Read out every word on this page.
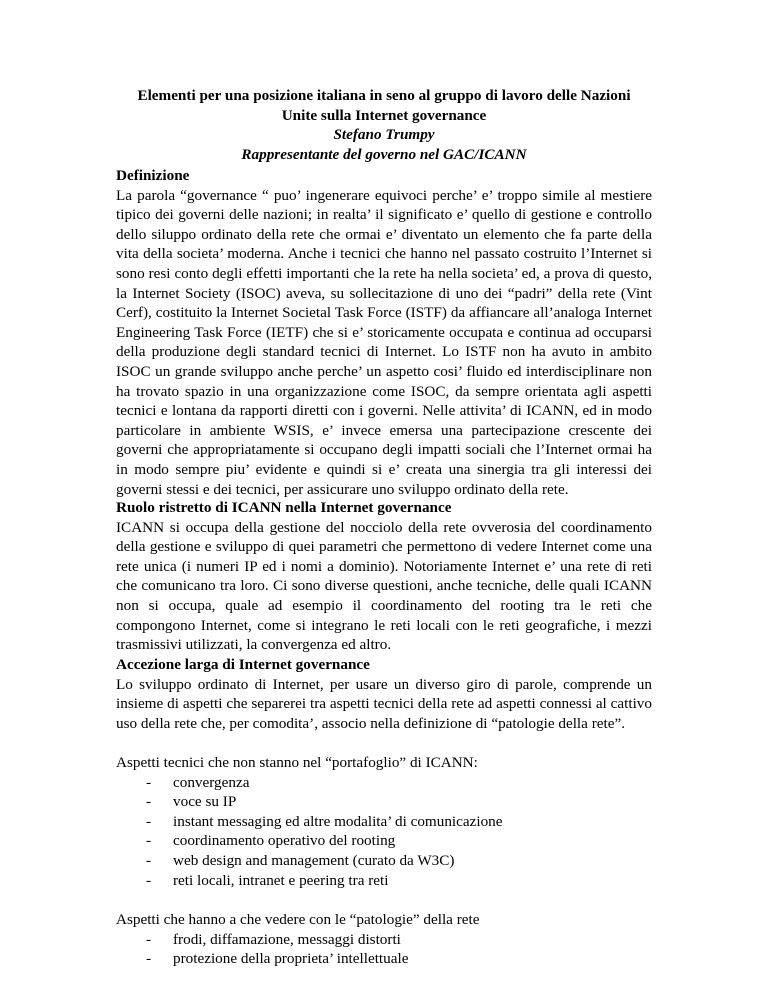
Elementi per una posizione italiana in seno al gruppo di lavoro delle Nazioni
Unite sulla Internet governance
Stefano Trumpy
Rappresentante del governo nel GAC/ICANN
Definizione
La parola “governance “ puo’ ingenerare equivoci perche’ e’ troppo simile al mestiere tipico dei governi delle nazioni; in realta’ il significato e’ quello di gestione e controllo dello siluppo ordinato della rete che ormai e’ diventato un elemento che fa parte della vita della societa’ moderna. Anche i tecnici che hanno nel passato costruito l’Internet si sono resi conto degli effetti importanti che la rete ha nella societa’ ed, a prova di questo, la Internet Society (ISOC) aveva, su sollecitazione di uno dei “padri” della rete (Vint Cerf), costituito la Internet Societal Task Force (ISTF) da affiancare all’analoga Internet Engineering Task Force (IETF) che si e’ storicamente occupata e continua ad occuparsi della produzione degli standard tecnici di Internet. Lo ISTF non ha avuto in ambito ISOC un grande sviluppo anche perche’ un aspetto cosi’ fluido ed interdisciplinare non ha trovato spazio in una organizzazione come ISOC, da sempre orientata agli aspetti tecnici e lontana da rapporti diretti con i governi. Nelle attivita’ di ICANN, ed in modo particolare in ambiente WSIS, e’ invece emersa una partecipazione crescente dei governi che appropriatamente si occupano degli impatti sociali che l’Internet ormai ha in modo sempre piu’ evidente e quindi si e’ creata una sinergia tra gli interessi dei governi stessi e dei tecnici, per assicurare uno sviluppo ordinato della rete.
Ruolo ristretto di ICANN nella Internet governance
ICANN si occupa della gestione del nocciolo della rete ovverosia del coordinamento della gestione e sviluppo di quei parametri che permettono di vedere Internet come una rete unica (i numeri IP ed i nomi a dominio). Notoriamente Internet e’ una rete di reti che comunicano tra loro. Ci sono diverse questioni, anche tecniche, delle quali ICANN non si occupa, quale ad esempio il coordinamento del rooting tra le reti che compongono Internet, come si integrano le reti locali con le reti geografiche, i mezzi trasmissivi utilizzati, la convergenza ed altro.
Accezione larga di Internet governance
Lo sviluppo ordinato di Internet, per usare un diverso giro di parole, comprende un insieme di aspetti che separerei tra aspetti tecnici della rete ad aspetti connessi al cattivo uso della rete che, per comodita’, associo nella definizione di “patologie della rete”.
Aspetti tecnici che non stanno nel “portafoglio” di ICANN:
- convergenza
- voce su IP
- instant messaging ed altre modalita’ di comunicazione
- coordinamento operativo del rooting
- web design and management (curato da W3C)
- reti locali, intranet e peering tra reti
Aspetti che hanno a che vedere con le “patologie” della rete
- frodi, diffamazione, messaggi distorti
- protezione della proprieta’ intellettuale
